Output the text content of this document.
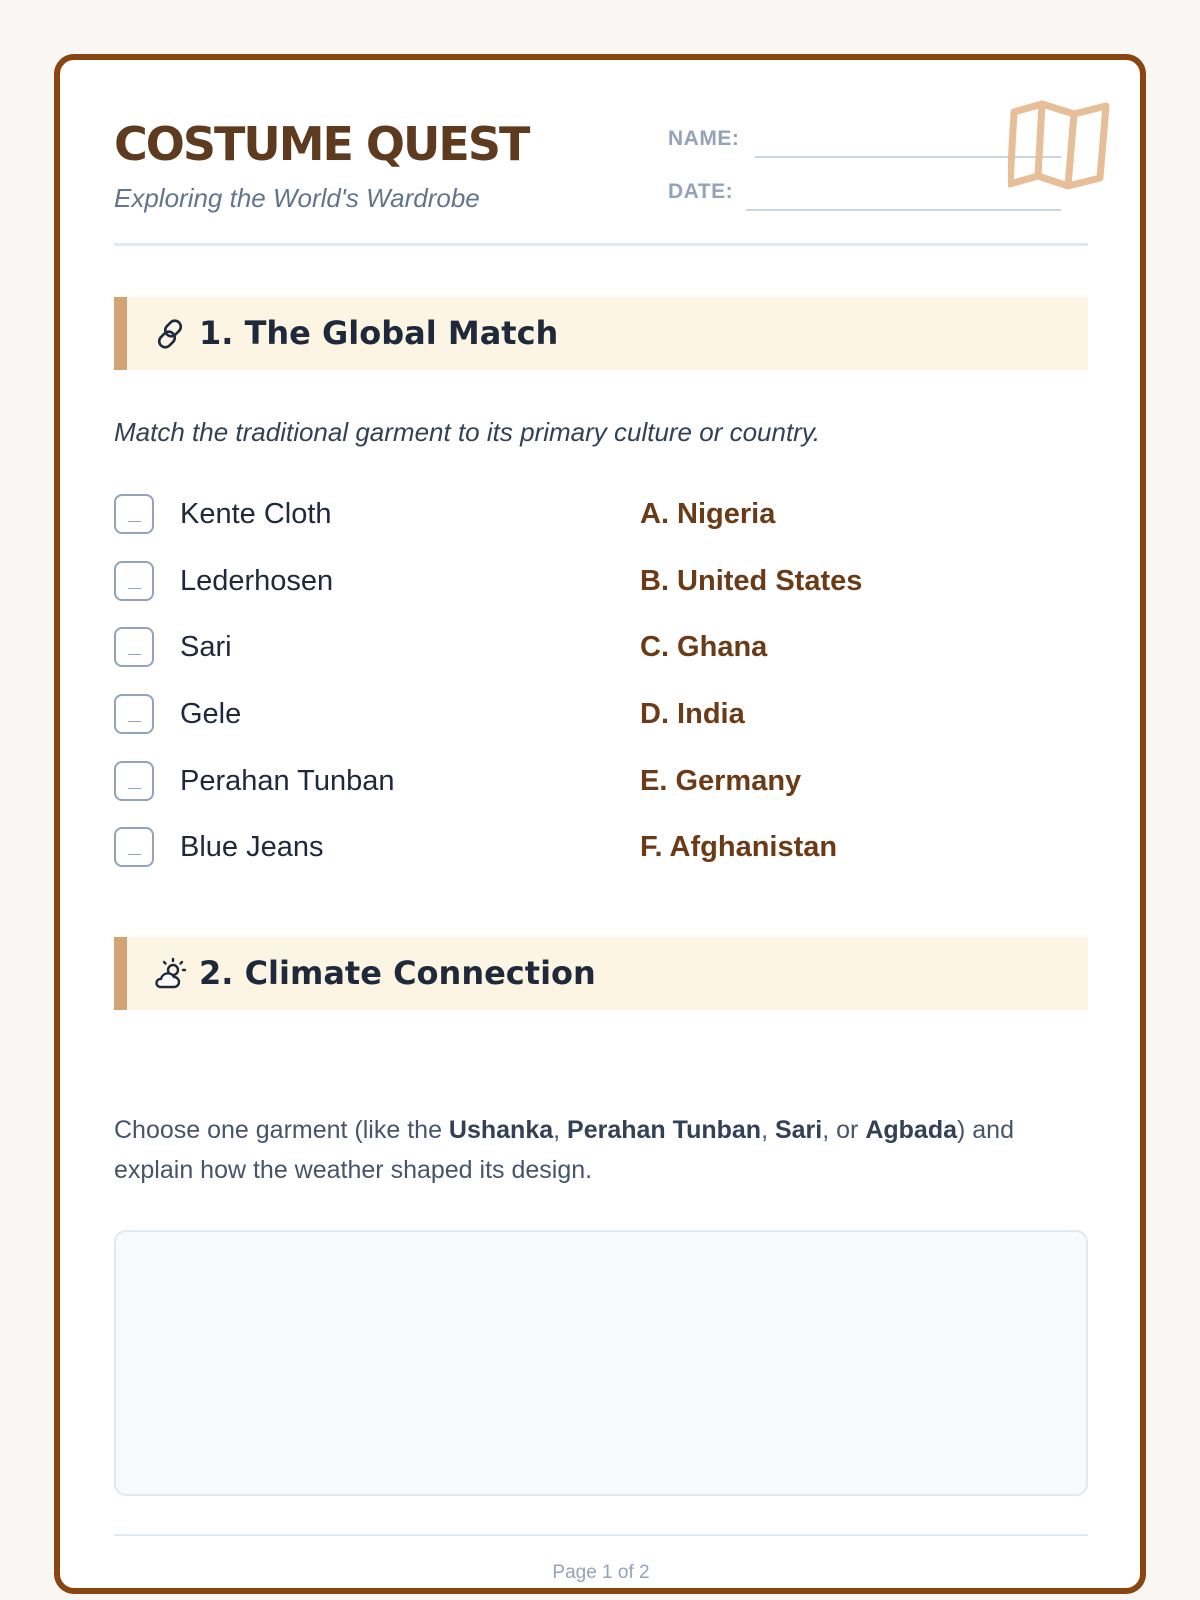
COSTUME QUEST
Exploring the World's Wardrobe
NAME:
DATE:
1. The Global Match
Match the traditional garment to its primary culture or country.
Kente Cloth	A. Nigeria
Lederhosen	B. United States
Sari	C. Ghana
Gele	D. India
Perahan Tunban	E. Germany
Blue Jeans	F. Afghanistan
2. Climate Connection
Choose one garment (like the Ushanka, Perahan Tunban, Sari, or Agbada) and explain how the weather shaped its design.
Page 1 of 2
